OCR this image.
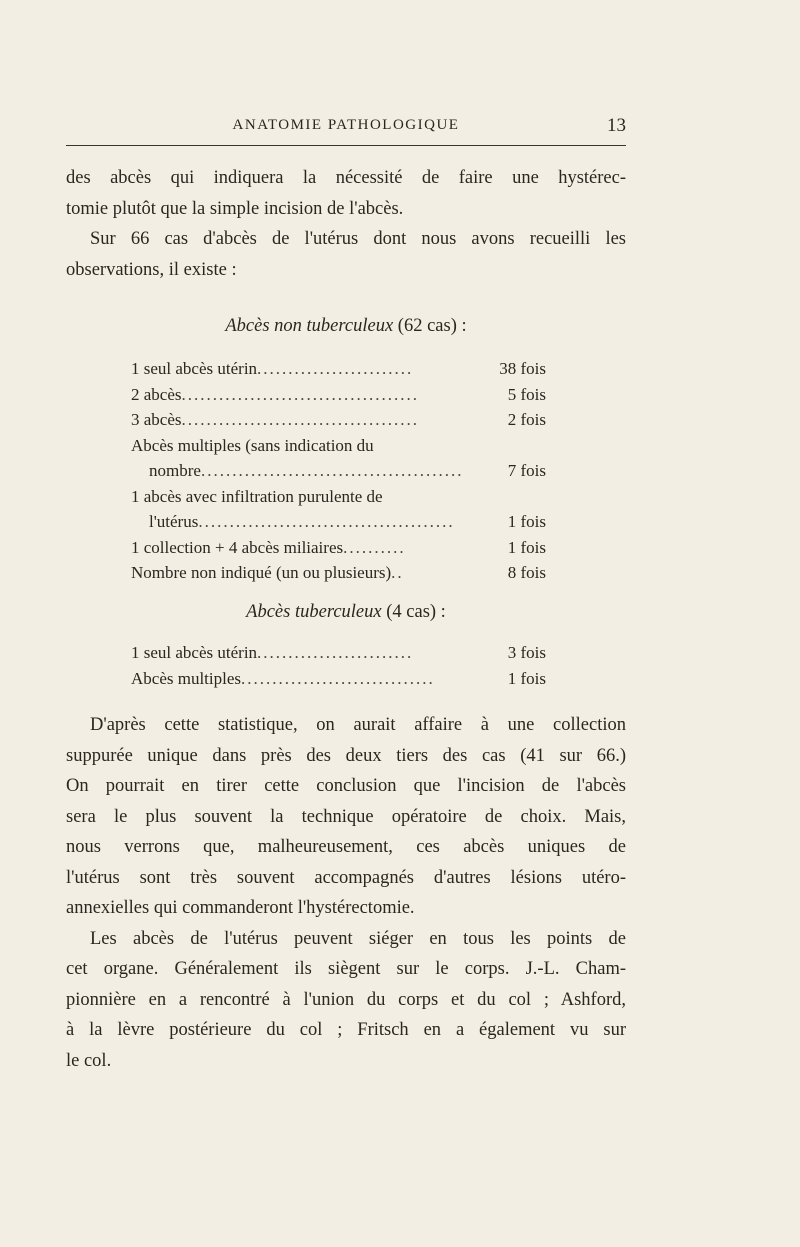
ANATOMIE PATHOLOGIQUE	13
des abcès qui indiquera la nécessité de faire une hystérec-
tomie plutôt que la simple incision de l'abcès.
Sur 66 cas d'abcès de l'utérus dont nous avons recueilli les
observations, il existe :
Abcès non tuberculeux (62 cas) :
1 seul abcès utérin.........................	38 fois
2 abcès......................................	5 fois
3 abcès......................................	2 fois
Abcès multiples (sans indication du
nombre..........................................	7 fois
1 abcès avec infiltration purulente de
l'utérus.........................................	1 fois
1 collection + 4 abcès miliaires..........	1 fois
Nombre non indiqué (un ou plusieurs)..	8 fois
Abcès tuberculeux (4 cas) :
1 seul abcès utérin.........................	3 fois
Abcès multiples...............................	1 fois
D'après cette statistique, on aurait affaire à une collection
suppurée unique dans près des deux tiers des cas (41 sur 66.)
On pourrait en tirer cette conclusion que l'incision de l'abcès
sera le plus souvent la technique opératoire de choix. Mais,
nous verrons que, malheureusement, ces abcès uniques de
l'utérus sont très souvent accompagnés d'autres lésions utéro-
annexielles qui commanderont l'hystérectomie.
Les abcès de l'utérus peuvent siéger en tous les points de
cet organe. Généralement ils siègent sur le corps. J.-L. Cham-
pionnière en a rencontré à l'union du corps et du col ; Ashford,
à la lèvre postérieure du col ; Fritsch en a également vu sur
le col.
